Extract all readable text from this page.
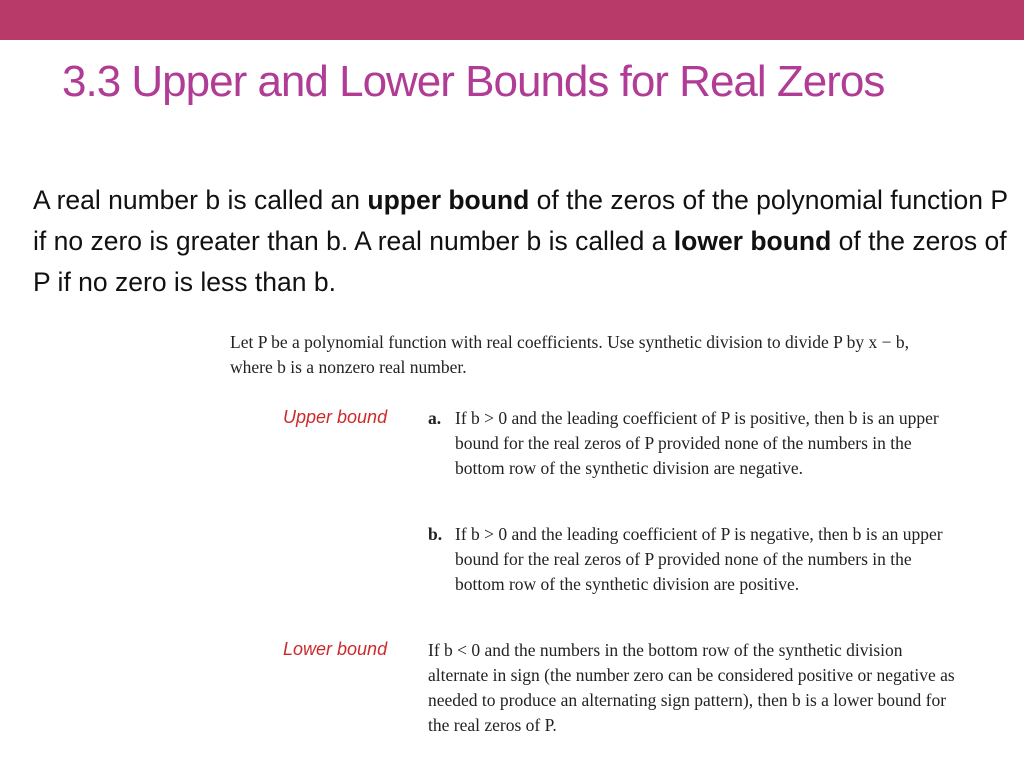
3.3 Upper and Lower Bounds for Real Zeros

A real number b is called an upper bound of the zeros of the polynomial function P if no zero is greater than b. A real number b is called a lower bound of the zeros of P if no zero is less than b.

Let P be a polynomial function with real coefficients. Use synthetic division to divide P by x − b, where b is a nonzero real number.

Upper bound a. If b > 0 and the leading coefficient of P is positive, then b is an upper bound for the real zeros of P provided none of the numbers in the bottom row of the synthetic division are negative.

b. If b > 0 and the leading coefficient of P is negative, then b is an upper bound for the real zeros of P provided none of the numbers in the bottom row of the synthetic division are positive.

Lower bound If b < 0 and the numbers in the bottom row of the synthetic division alternate in sign (the number zero can be considered positive or negative as needed to produce an alternating sign pattern), then b is a lower bound for the real zeros of P.
